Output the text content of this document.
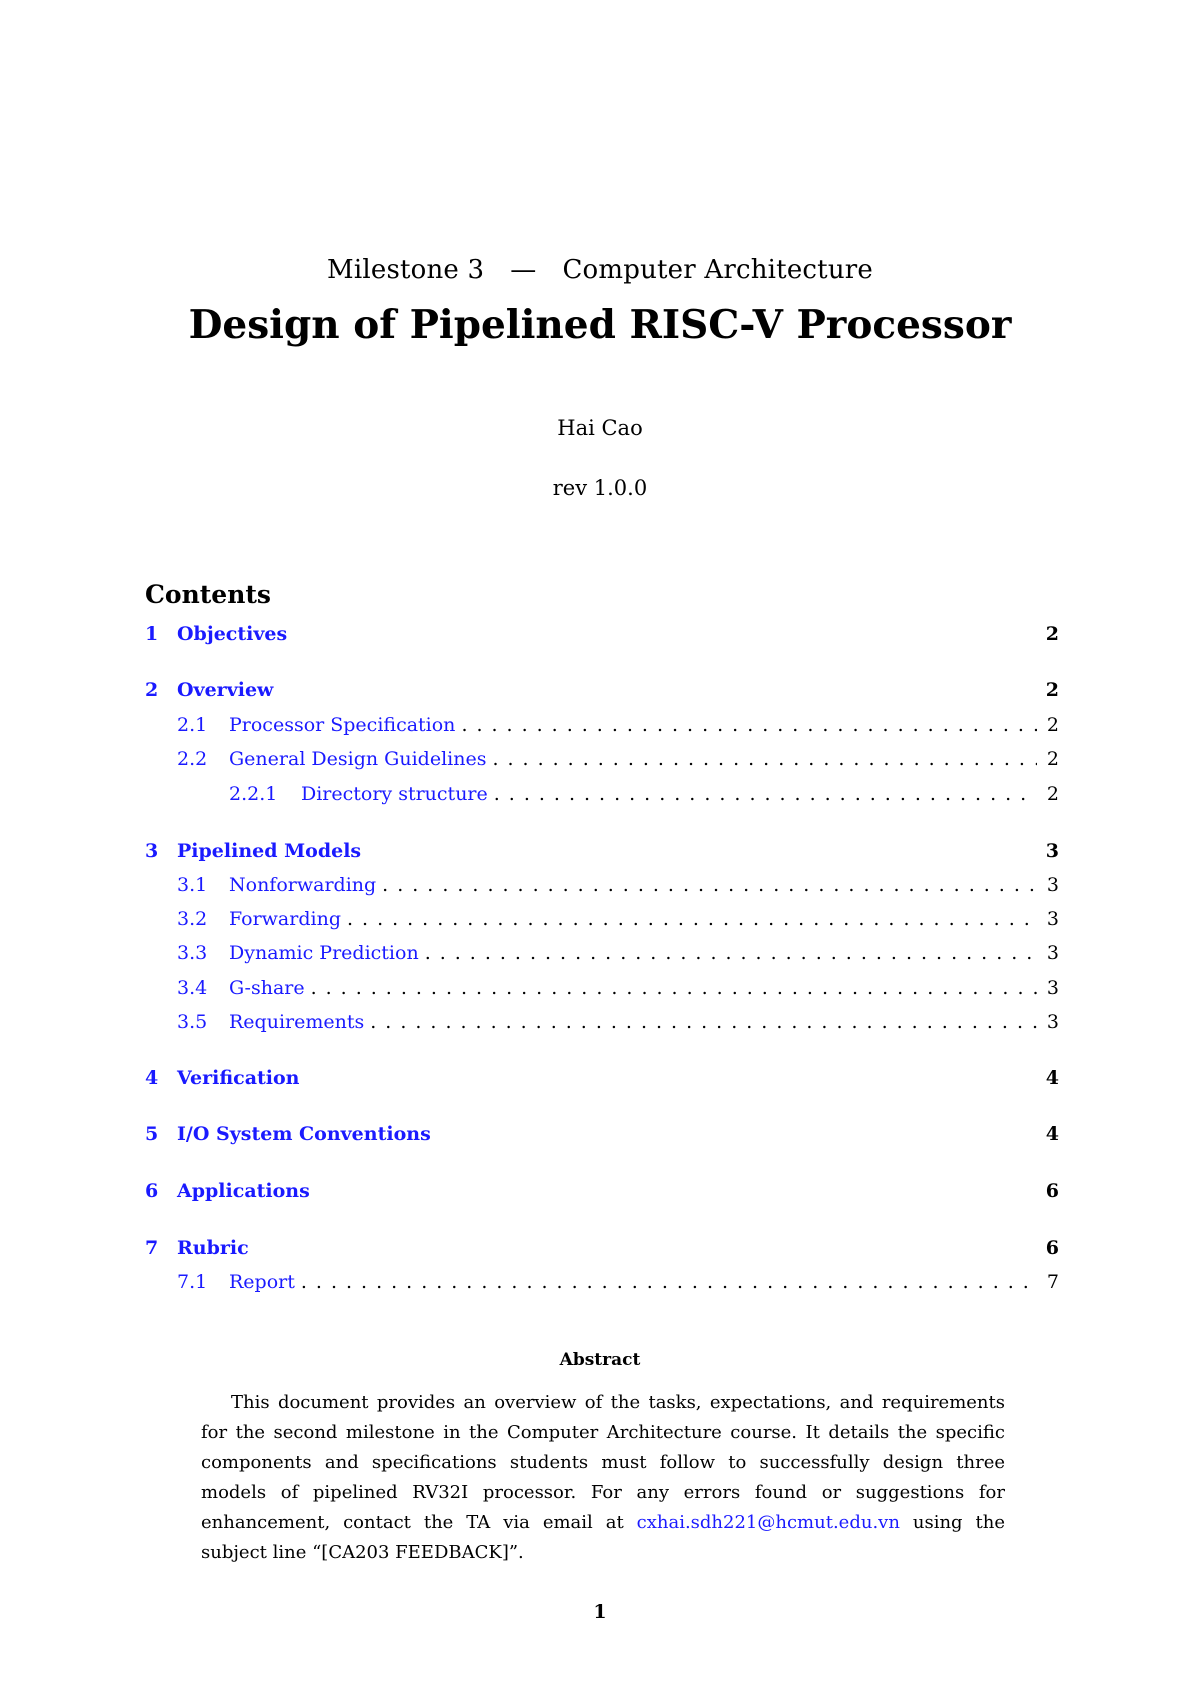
Milestone 3 — Computer Architecture
Design of Pipelined RISC-V Processor
Hai Cao
rev 1.0.0
Contents
1 Objectives	2
2 Overview	2
2.1	Processor Specification .....	2
2.2	General Design Guidelines .....	2
2.2.1	Directory structure .....	2
3 Pipelined Models	3
3.1	Nonforwarding .....	3
3.2	Forwarding .....	3
3.3	Dynamic Prediction .....	3
3.4	G-share .....	3
3.5	Requirements .....	3
4 Verification	4
5 I/O System Conventions	4
6 Applications	6
7 Rubric	6
7.1	Report .....	7
Abstract
This document provides an overview of the tasks, expectations, and requirements for the second milestone in the Computer Architecture course. It details the specific components and specifications students must follow to successfully design three models of pipelined RV32I processor. For any errors found or suggestions for enhancement, contact the TA via email at cxhai.sdh221@hcmut.edu.vn using the subject line “[CA203 FEEDBACK]”.
1
